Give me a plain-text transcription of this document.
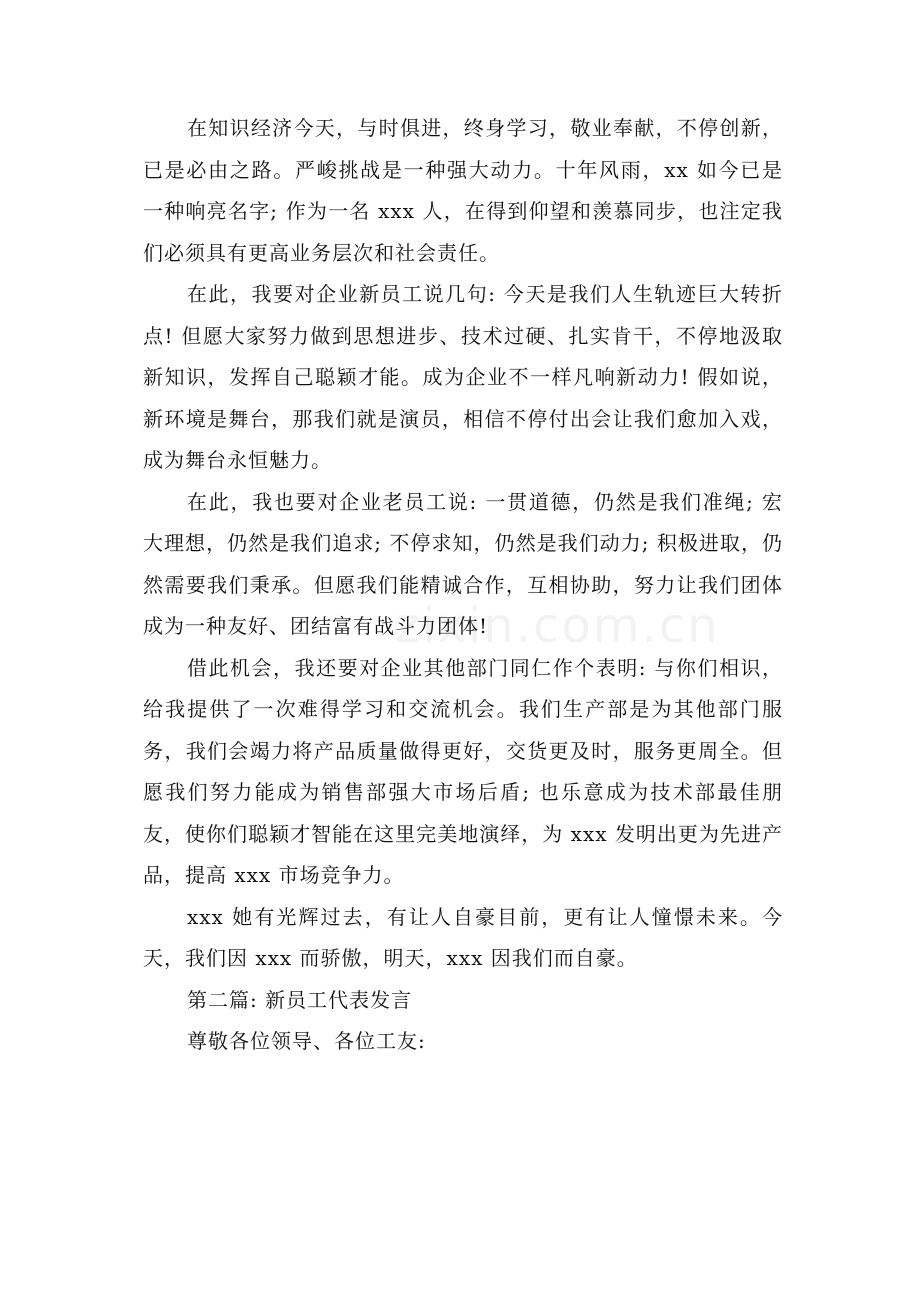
zixin.com.cn

在知识经济今天，与时俱进，终身学习，敬业奉献，不停创新，已是必由之路。严峻挑战是一种强大动力。十年风雨，xx 如今已是一种响亮名字; 作为一名 xxx 人，在得到仰望和羡慕同步，也注定我们必须具有更高业务层次和社会责任。

在此，我要对企业新员工说几句: 今天是我们人生轨迹巨大转折点! 但愿大家努力做到思想进步、技术过硬、扎实肯干，不停地汲取新知识，发挥自己聪颖才能。成为企业不一样凡响新动力! 假如说，新环境是舞台，那我们就是演员，相信不停付出会让我们愈加入戏，成为舞台永恒魅力。

在此，我也要对企业老员工说: 一贯道德，仍然是我们准绳; 宏大理想，仍然是我们追求; 不停求知，仍然是我们动力; 积极进取，仍然需要我们秉承。但愿我们能精诚合作，互相协助，努力让我们团体成为一种友好、团结富有战斗力团体!

借此机会，我还要对企业其他部门同仁作个表明: 与你们相识，给我提供了一次难得学习和交流机会。我们生产部是为其他部门服务，我们会竭力将产品质量做得更好，交货更及时，服务更周全。但愿我们努力能成为销售部强大市场后盾; 也乐意成为技术部最佳朋友，使你们聪颖才智能在这里完美地演绎，为 xxx 发明出更为先进产品，提高 xxx 市场竞争力。

xxx 她有光辉过去，有让人自豪目前，更有让人憧憬未来。今天，我们因 xxx 而骄傲，明天，xxx 因我们而自豪。

第二篇: 新员工代表发言

尊敬各位领导、各位工友:
